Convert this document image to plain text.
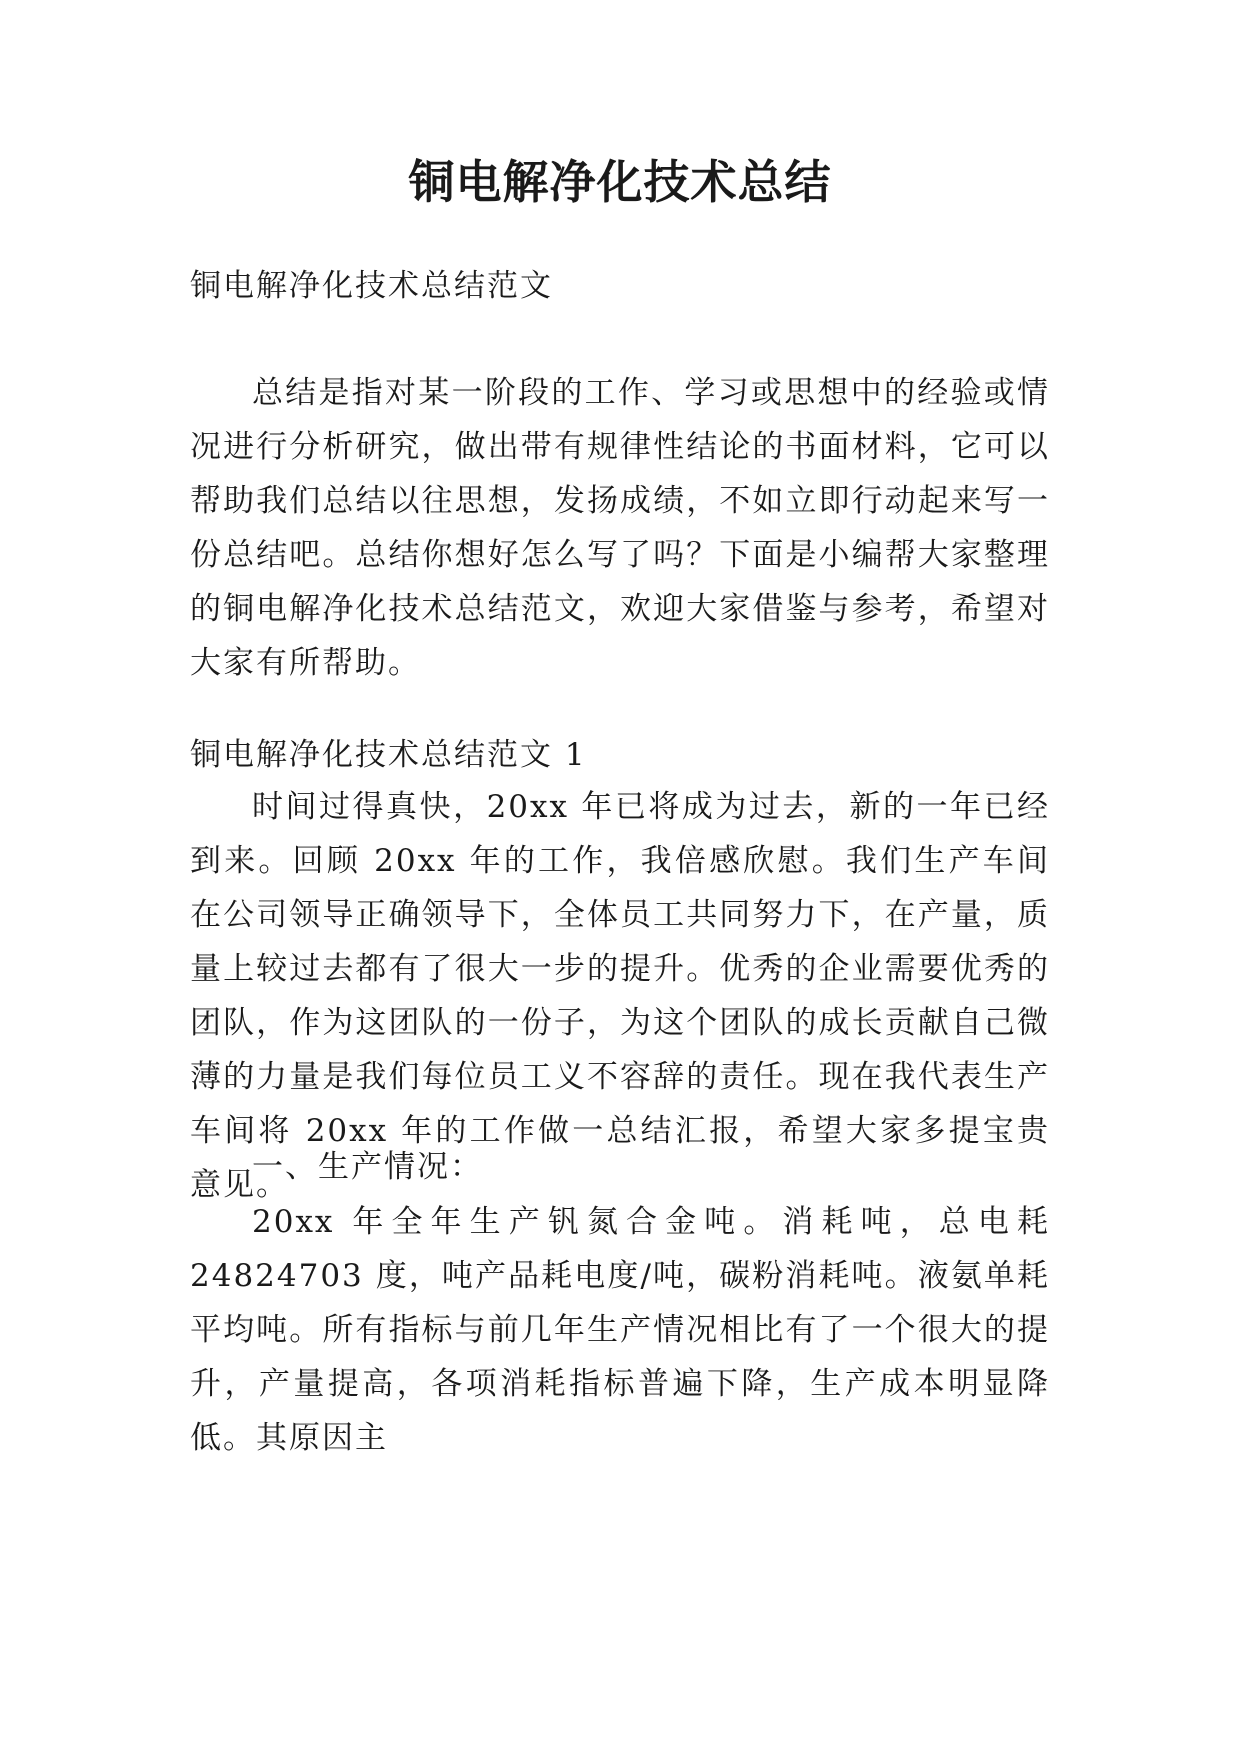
铜电解净化技术总结

铜电解净化技术总结范文

总结是指对某一阶段的工作、学习或思想中的经验或情况进行分析研究，做出带有规律性结论的书面材料，它可以帮助我们总结以往思想，发扬成绩，不如立即行动起来写一份总结吧。总结你想好怎么写了吗？下面是小编帮大家整理的铜电解净化技术总结范文，欢迎大家借鉴与参考，希望对大家有所帮助。

铜电解净化技术总结范文 1

时间过得真快，20xx 年已将成为过去，新的一年已经到来。回顾 20xx 年的工作，我倍感欣慰。我们生产车间在公司领导正确领导下，全体员工共同努力下，在产量，质量上较过去都有了很大一步的提升。优秀的企业需要优秀的团队，作为这团队的一份子，为这个团队的成长贡献自己微薄的力量是我们每位员工义不容辞的责任。现在我代表生产车间将 20xx 年的工作做一总结汇报，希望大家多提宝贵意见。

一、生产情况：

20xx 年全年生产钒氮合金吨。消耗吨，总电耗 24824703 度，吨产品耗电度/吨，碳粉消耗吨。液氨单耗平均吨。所有指标与前几年生产情况相比有了一个很大的提升，产量提高，各项消耗指标普遍下降，生产成本明显降低。其原因主
